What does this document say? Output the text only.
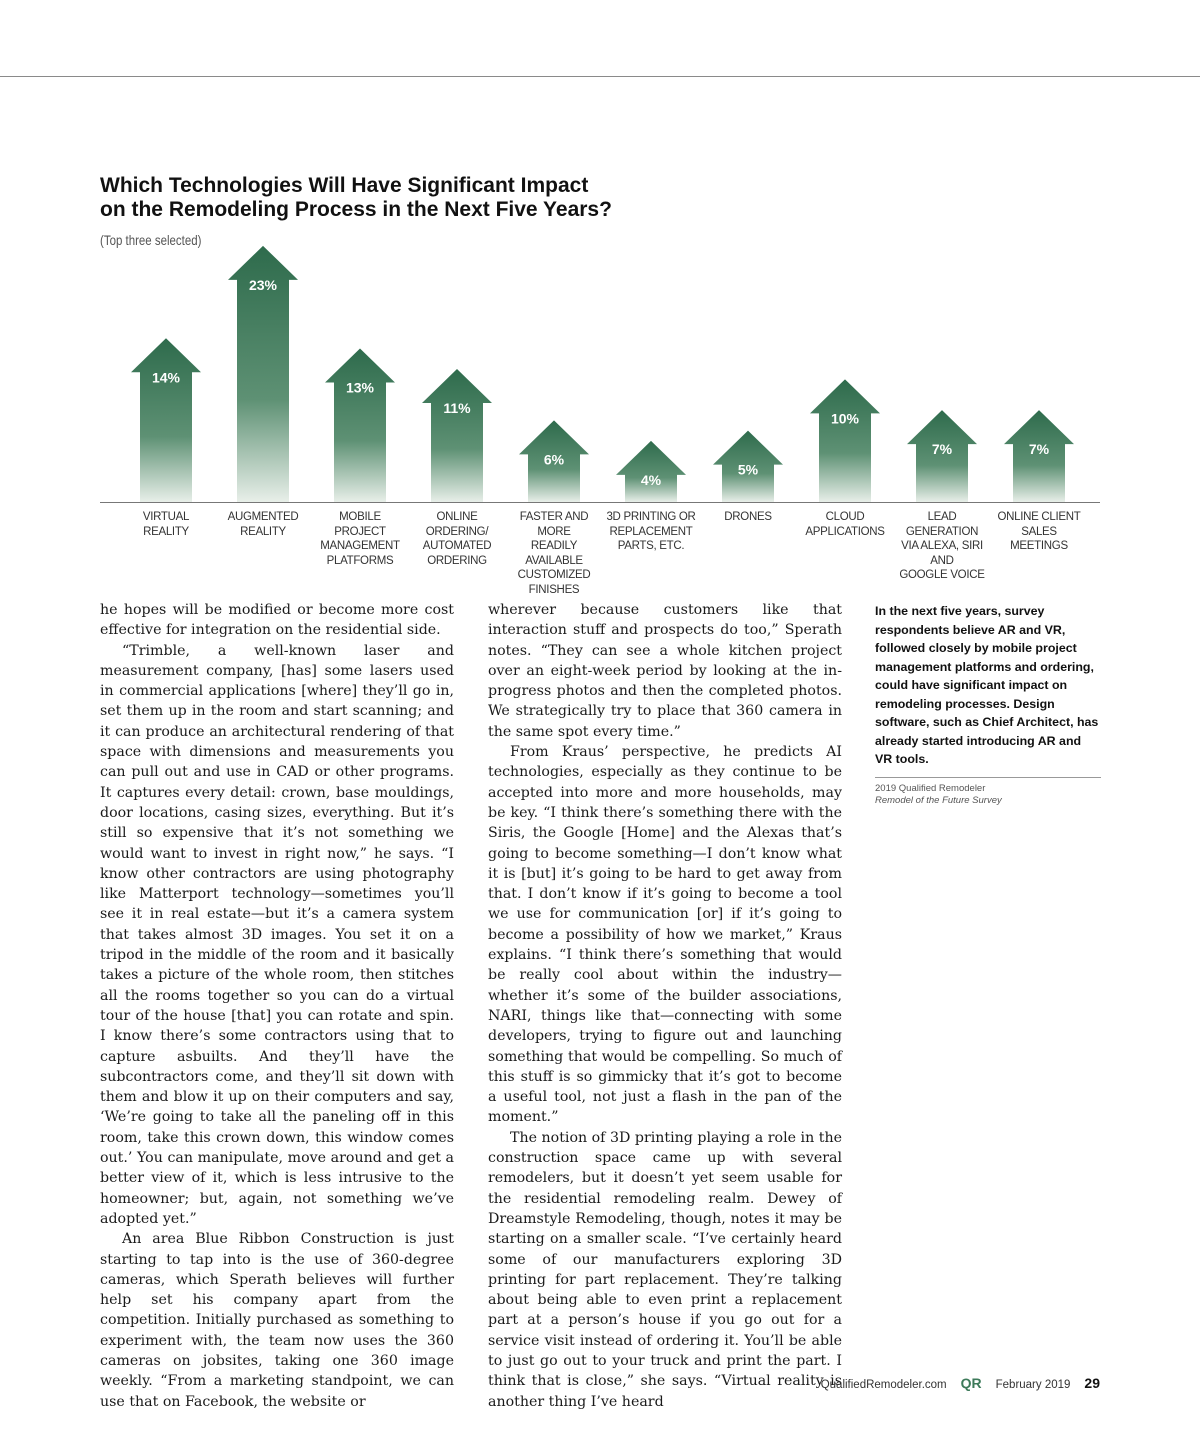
Which Technologies Will Have Significant Impact
on the Remodeling Process in the Next Five Years?
(Top three selected)
14%
23%
13%
11%
6%
4%
5%
10%
7%	7%
VIRTUAL
REALITY
AUGMENTED
REALITY
MOBILE PROJECT
MANAGEMENT
PLATFORMS
ONLINE ORDERING/
AUTOMATED
ORDERING
FASTER AND MORE
READILY AVAILABLE
CUSTOMIZED
FINISHES
3D PRINTING OR
REPLACEMENT
PARTS, ETC.
DRONES	CLOUD
APPLICATIONS
LEAD GENERATION
VIA ALEXA, SIRI AND
GOOGLE VOICE
ONLINE CLIENT
SALES MEETINGS

he hopes will be modified or become more cost effective for integration on the residential side.

“Trimble, a well-known laser and measurement company, [has] some lasers used in commercial applications [where] they’ll go in, set them up in the room and start scanning; and it can produce an architectural rendering of that space with dimensions and measurements you can pull out and use in CAD or other programs. It captures every detail: crown, base mouldings, door locations, casing sizes, everything. But it’s still so expensive that it’s not something we would want to invest in right now,” he says. “I know other contractors are using photography like Matterport technology—sometimes you’ll see it in real estate—but it’s a camera system that takes almost 3D images. You set it on a tripod in the middle of the room and it basically takes a picture of the whole room, then stitches all the rooms together so you can do a virtual tour of the house [that] you can rotate and spin. I know there’s some contractors using that to capture asbuilts. And they’ll have the subcontractors come, and they’ll sit down with them and blow it up on their computers and say, ‘We’re going to take all the paneling off in this room, take this crown down, this window comes out.’ You can manipulate, move around and get a better view of it, which is less intrusive to the homeowner; but, again, not something we’ve adopted yet.”

An area Blue Ribbon Construction is just starting to tap into is the use of 360-degree cameras, which Sperath believes will further help set his company apart from the competition. Initially purchased as something to experiment with, the team now uses the 360 cameras on jobsites, taking one 360 image weekly. “From a marketing standpoint, we can use that on Facebook, the website or

wherever because customers like that interaction stuff and prospects do too,” Sperath notes. “They can see a whole kitchen project over an eight-week period by looking at the in-progress photos and then the completed photos. We strategically try to place that 360 camera in the same spot every time.”

From Kraus’ perspective, he predicts AI technologies, especially as they continue to be accepted into more and more households, may be key. “I think there’s something there with the Siris, the Google [Home] and the Alexas that’s going to become something—I don’t know what it is [but] it’s going to be hard to get away from that. I don’t know if it’s going to become a tool we use for communication [or] if it’s going to become a possibility of how we market,” Kraus explains. “I think there’s something that would be really cool about within the industry—whether it’s some of the builder associations, NARI, things like that—connecting with some developers, trying to figure out and launching something that would be compelling. So much of this stuff is so gimmicky that it’s got to become a useful tool, not just a flash in the pan of the moment.”

The notion of 3D printing playing a role in the construction space came up with several remodelers, but it doesn’t yet seem usable for the residential remodeling realm. Dewey of Dreamstyle Remodeling, though, notes it may be starting on a smaller scale. “I’ve certainly heard some of our manufacturers exploring 3D printing for part replacement. They’re talking about being able to even print a replacement part at a person’s house if you go out for a service visit instead of ordering it. You’ll be able to just go out to your truck and print the part. I think that is close,” she says. “Virtual reality is another thing I’ve heard

In the next five years, survey respondents believe AR and VR, followed closely by mobile project management platforms and ordering, could have significant impact on remodeling processes. Design software, such as Chief Architect, has already started introducing AR and VR tools.

2019 Qualified Remodeler
Remodel of the Future Survey
QualifiedRemodeler.com QR February 2019 29
